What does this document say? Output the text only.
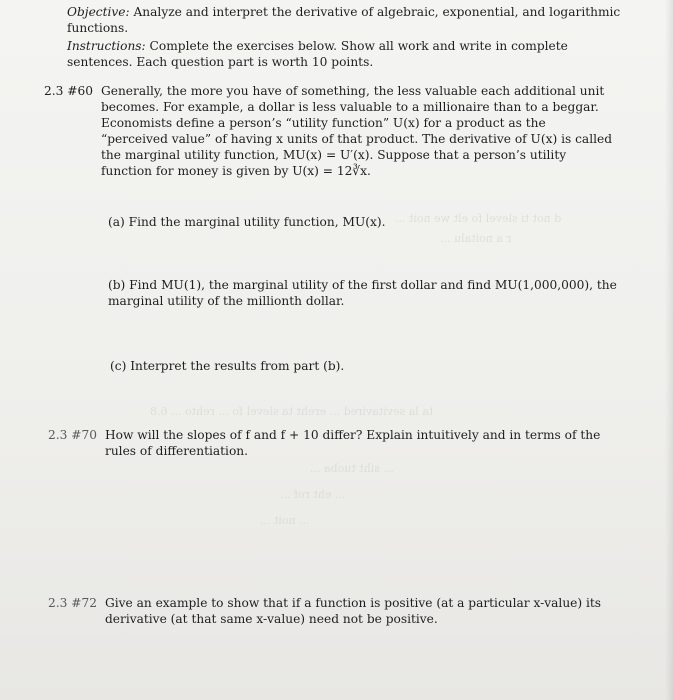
d not ti slevel fo elt we noit ...
r a noitalu ...
ta la sevitavired ... ereht ta slevel fo ... rehto ... 6.8
... siht tuoba ...
... eht rof ...
... noit ...
Objective: Analyze and interpret the derivative of algebraic, exponential, and logarithmic functions.
Instructions: Complete the exercises below. Show all work and write in complete sentences. Each question part is worth 10 points.
2.3 #60 Generally, the more you have of something, the less valuable each additional unit becomes. For example, a dollar is less valuable to a millionaire than to a beggar. Economists define a person’s “utility function” U(x) for a product as the “perceived value” of having x units of that product. The derivative of U(x) is called the marginal utility function, MU(x) = U′(x). Suppose that a person’s utility function for money is given by U(x) = 12∛x.
(a) Find the marginal utility function, MU(x).
(b) Find MU(1), the marginal utility of the first dollar and find MU(1,000,000), the marginal utility of the millionth dollar.
(c) Interpret the results from part (b).
2.3 #70 How will the slopes of f and f + 10 differ? Explain intuitively and in terms of the rules of differentiation.
2.3 #72 Give an example to show that if a function is positive (at a particular x-value) its derivative (at that same x-value) need not be positive.
